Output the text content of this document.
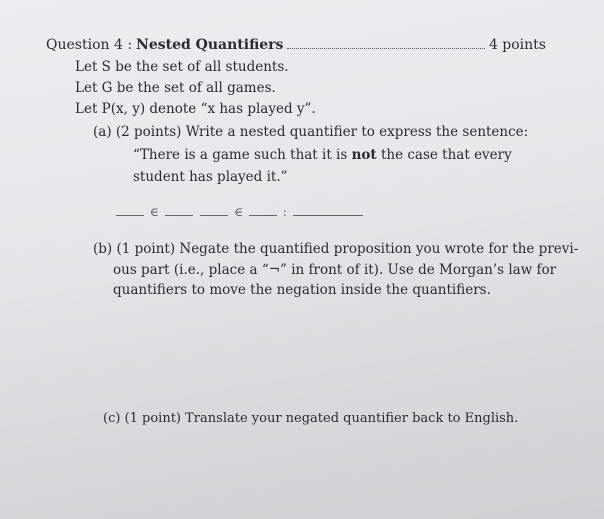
Question 4 : Nested Quantifiers	4 points
Let S be the set of all students.
Let G be the set of all games.
Let P(x, y) denote “x has played y”.
(a) (2 points) Write a nested quantifier to express the sentence:
“There is a game such that it is not the case that every
student has played it.”
∈	∈	:
(b) (1 point) Negate the quantified proposition you wrote for the previ-
ous part (i.e., place a “¬” in front of it). Use de Morgan’s law for
quantifiers to move the negation inside the quantifiers.
(c) (1 point) Translate your negated quantifier back to English.
